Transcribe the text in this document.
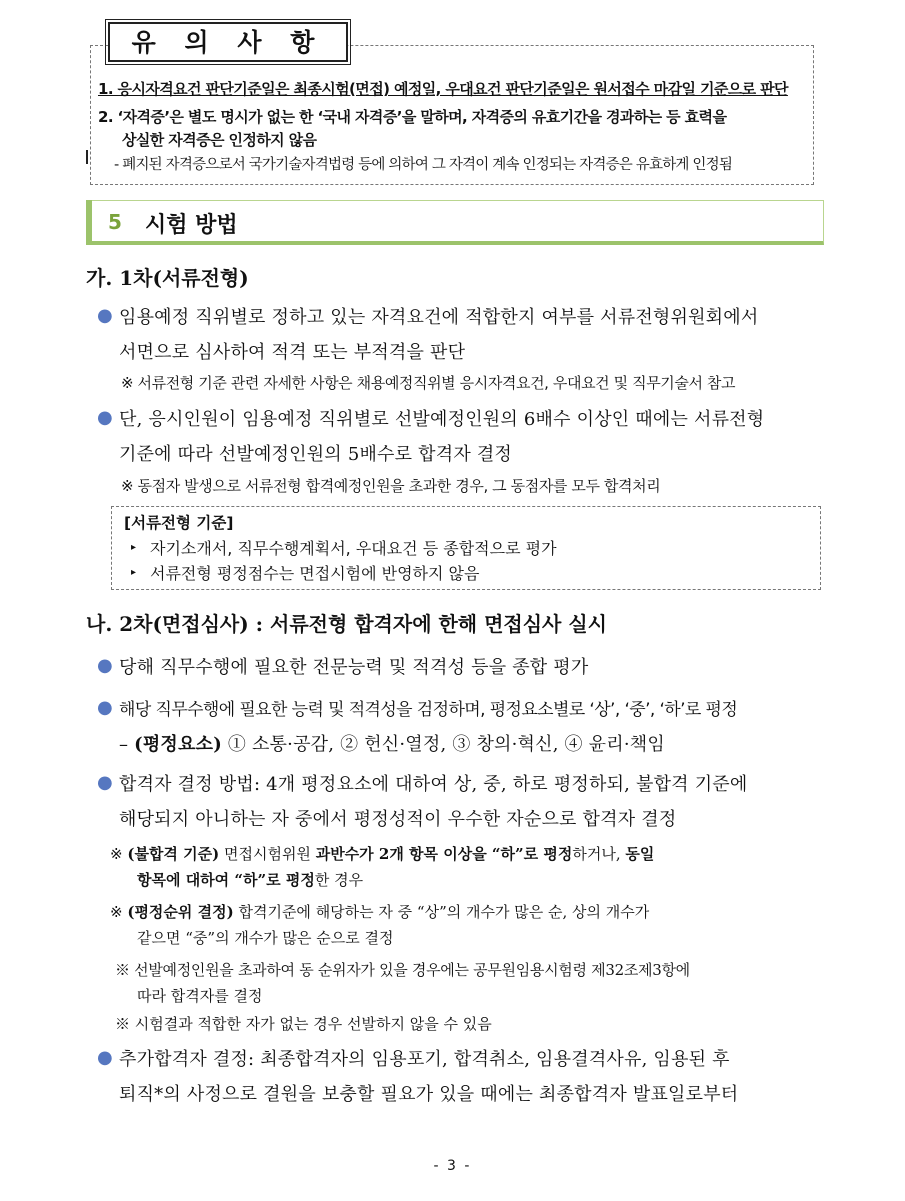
유 의 사 항
1. 응시자격요건 판단기준일은 최종시험(면접) 예정일, 우대요건 판단기준일은 원서접수 마감일 기준으로 판단
2. ‘자격증’은 별도 명시가 없는 한 ‘국내 자격증’을 말하며, 자격증의 유효기간을 경과하는 등 효력을
상실한 자격증은 인정하지 않음
- 폐지된 자격증으로서 국가기술자격법령 등에 의하여 그 자격이 계속 인정되는 자격증은 유효하게 인정됨
5 시험 방법
가. 1차(서류전형)
● 임용예정 직위별로 정하고 있는 자격요건에 적합한지 여부를 서류전형위원회에서
서면으로 심사하여 적격 또는 부적격을 판단
※ 서류전형 기준 관련 자세한 사항은 채용예정직위별 응시자격요건, 우대요건 및 직무기술서 참고
● 단, 응시인원이 임용예정 직위별로 선발예정인원의 6배수 이상인 때에는 서류전형
기준에 따라 선발예정인원의 5배수로 합격자 결정
※ 동점자 발생으로 서류전형 합격예정인원을 초과한 경우, 그 동점자를 모두 합격처리
[서류전형 기준]
▸ 자기소개서, 직무수행계획서, 우대요건 등 종합적으로 평가
▸ 서류전형 평정점수는 면접시험에 반영하지 않음
나. 2차(면접심사) : 서류전형 합격자에 한해 면접심사 실시
● 당해 직무수행에 필요한 전문능력 및 적격성 등을 종합 평가
● 해당 직무수행에 필요한 능력 및 적격성을 검정하며, 평정요소별로 ‘상’, ‘중’, ‘하’로 평정
– (평정요소) ① 소통·공감, ② 헌신·열정, ③ 창의·혁신, ④ 윤리·책임
● 합격자 결정 방법: 4개 평정요소에 대하여 상, 중, 하로 평정하되, 불합격 기준에
해당되지 아니하는 자 중에서 평정성적이 우수한 자순으로 합격자 결정
※ (불합격 기준) 면접시험위원 과반수가 2개 항목 이상을 “하”로 평정하거나, 동일
항목에 대하여 “하”로 평정한 경우
※ (평정순위 결정) 합격기준에 해당하는 자 중 “상”의 개수가 많은 순, 상의 개수가
같으면 “중”의 개수가 많은 순으로 결정
※ 선발예정인원을 초과하여 동 순위자가 있을 경우에는 공무원임용시험령 제32조제3항에
따라 합격자를 결정
※ 시험결과 적합한 자가 없는 경우 선발하지 않을 수 있음
● 추가합격자 결정: 최종합격자의 임용포기, 합격취소, 임용결격사유, 임용된 후
퇴직*의 사정으로 결원을 보충할 필요가 있을 때에는 최종합격자 발표일로부터
- 3 -
